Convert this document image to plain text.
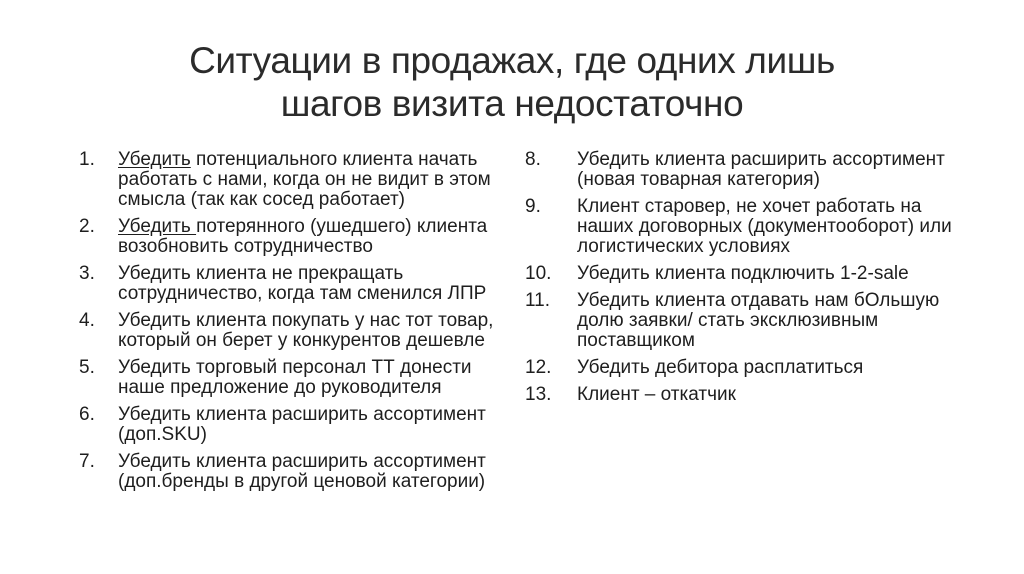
Ситуации в продажах, где одних лишь
шагов визита недостаточно
1.	Убедить потенциального клиента начать работать с нами, когда он не видит в этом смысла (так как сосед работает)
2.	Убедить потерянного (ушедшего) клиента возобновить сотрудничество
3.	Убедить клиента не прекращать сотрудничество, когда там сменился ЛПР
4.	Убедить клиента покупать у нас тот товар, который он берет у конкурентов дешевле
5.	Убедить торговый персонал ТТ донести наше предложение до руководителя
6.	Убедить клиента расширить ассортимент (доп.SKU)
7.	Убедить клиента расширить ассортимент (доп.бренды в другой ценовой категории)
8.	Убедить клиента расширить ассортимент (новая товарная категория)
9.	Клиент старовер, не хочет работать на наших договорных (документооборот) или логистических условиях
10.	Убедить клиента подключить 1-2-sale
11.	Убедить клиента отдавать нам бОльшую долю заявки/ стать эксклюзивным поставщиком
12.	Убедить дебитора расплатиться
13.	Клиент – откатчик
